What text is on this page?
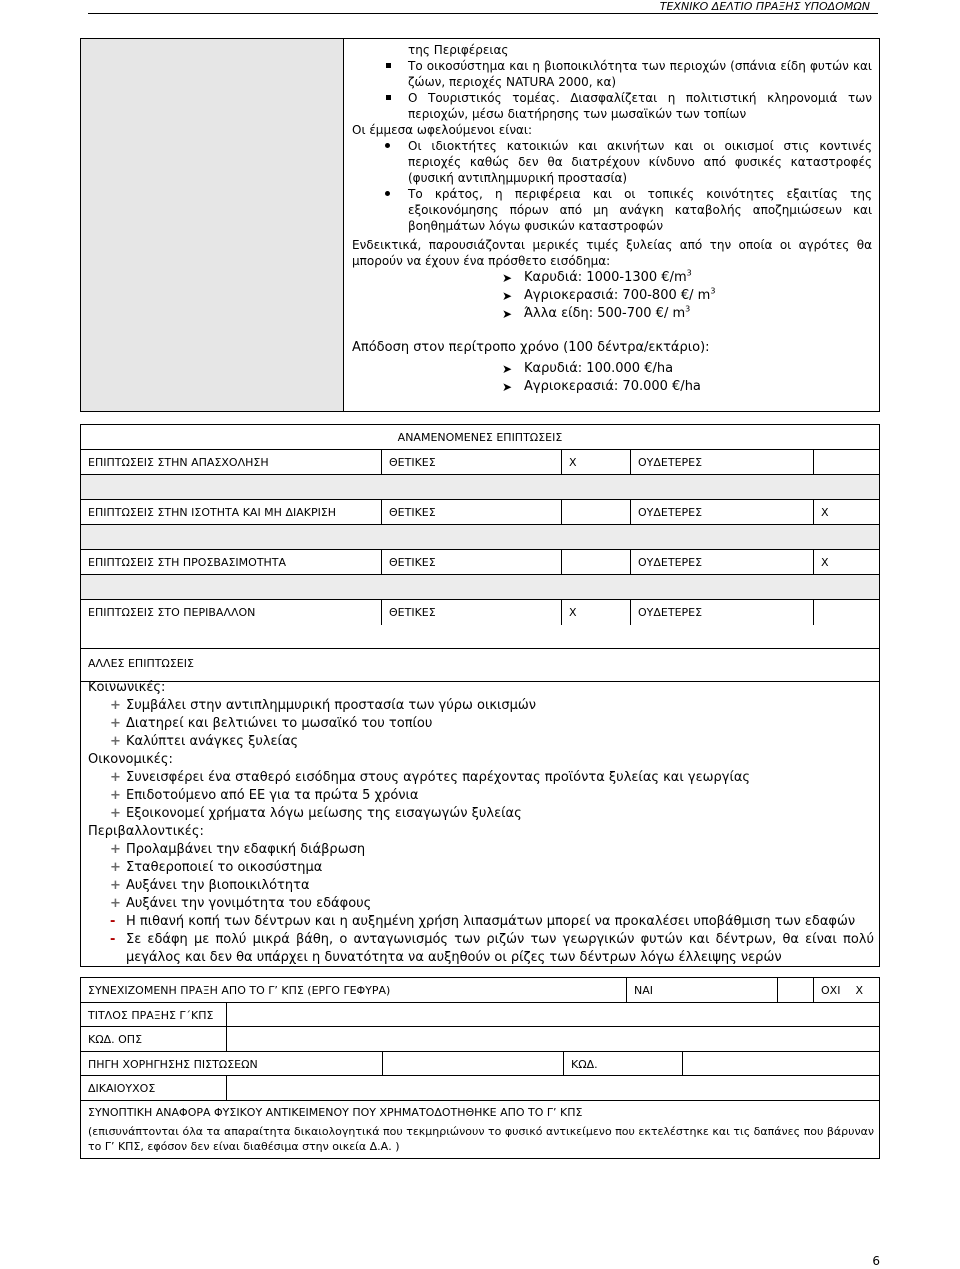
ΤΕΧΝΙΚΟ ΔΕΛΤΙΟ ΠΡΑΞΗΣ ΥΠΟΔΟΜΩΝ
της Περιφέρειας
Το οικοσύστημα και η βιοποικιλότητα των περιοχών (σπάνια είδη φυτών και ζώων, περιοχές NATURA 2000, κα)
Ο Τουριστικός τομέας. Διασφαλίζεται η πολιτιστική κληρονομιά των περιοχών, μέσω διατήρησης των μωσαϊκών των τοπίων
Οι έμμεσα ωφελούμενοι είναι:
Οι ιδιοκτήτες κατοικιών και ακινήτων και οι οικισμοί στις κοντινές περιοχές καθώς δεν θα διατρέχουν κίνδυνο από φυσικές καταστροφές (φυσική αντιπλημμυρική προστασία)
Το κράτος, η περιφέρεια και οι τοπικές κοινότητες εξαιτίας της εξοικονόμησης πόρων από μη ανάγκη καταβολής αποζημιώσεων και βοηθημάτων λόγω φυσικών καταστροφών
Ενδεικτικά, παρουσιάζονται μερικές τιμές ξυλείας από την οποία οι αγρότες θα μπορούν να έχουν ένα πρόσθετο εισόδημα:
➤ Καρυδιά: 1000-1300 $€/m^3$
➤ Αγριοκερασιά: 700-800 €/ $m^3$
➤ Άλλα είδη: 500-700 €/ $m^3$
Απόδοση στον περίτροπο χρόνο (100 δέντρα/εκτάριο):
➤ Καρυδιά: 100.000 €/ha
➤ Αγριοκερασιά: 70.000 €/ha
ΑΝΑΜΕΝΟΜΕΝΕΣ ΕΠΙΠΤΩΣΕΙΣ
ΕΠΙΠΤΩΣΕΙΣ ΣΤΗΝ ΑΠΑΣΧΟΛΗΣΗ	ΘΕΤΙΚΕΣ	X	ΟΥΔΕΤΕΡΕΣ
ΕΠΙΠΤΩΣΕΙΣ ΣΤΗΝ ΙΣΟΤΗΤΑ ΚΑΙ ΜΗ ΔΙΑΚΡΙΣΗ	ΘΕΤΙΚΕΣ	ΟΥΔΕΤΕΡΕΣ	X
ΕΠΙΠΤΩΣΕΙΣ ΣΤΗ ΠΡΟΣΒΑΣΙΜΟΤΗΤΑ	ΘΕΤΙΚΕΣ	ΟΥΔΕΤΕΡΕΣ	X
ΕΠΙΠΤΩΣΕΙΣ ΣΤΟ ΠΕΡΙΒΑΛΛΟΝ	ΘΕΤΙΚΕΣ	X	ΟΥΔΕΤΕΡΕΣ
ΑΛΛΕΣ ΕΠΙΠΤΩΣΕΙΣ
Κοινωνικές:
+ Συμβάλει στην αντιπλημμυρική προστασία των γύρω οικισμών
+ Διατηρεί και βελτιώνει το μωσαϊκό του τοπίου
+ Καλύπτει ανάγκες ξυλείας
Οικονομικές:
+ Συνεισφέρει ένα σταθερό εισόδημα στους αγρότες παρέχοντας προϊόντα ξυλείας και γεωργίας
+ Επιδοτούμενο από ΕΕ για τα πρώτα 5 χρόνια
+ Εξοικονομεί χρήματα λόγω μείωσης της εισαγωγών ξυλείας
Περιβαλλοντικές:
+ Προλαμβάνει την εδαφική διάβρωση
+ Σταθεροποιεί το οικοσύστημα
+ Αυξάνει την βιοποικιλότητα
+ Αυξάνει την γονιμότητα του εδάφους
- Η πιθανή κοπή των δέντρων και η αυξημένη χρήση λιπασμάτων μπορεί να προκαλέσει υποβάθμιση των εδαφών
- Σε εδάφη με πολύ μικρά βάθη, ο ανταγωνισμός των ριζών των γεωργικών φυτών και δέντρων, θα είναι πολύ μεγάλος και δεν θα υπάρχει η δυνατότητα να αυξηθούν οι ρίζες των δέντρων λόγω έλλειψης νερών
ΣΥΝΕΧΙΖΟΜΕΝΗ ΠΡΑΞΗ ΑΠΟ ΤΟ Γ’ ΚΠΣ (ΕΡΓΟ ΓΕΦΥΡΑ)	ΝΑΙ	ΟΧΙ X
ΤΙΤΛΟΣ ΠΡΑΞΗΣ Γ΄ΚΠΣ
ΚΩΔ. ΟΠΣ
ΠΗΓΗ ΧΟΡΗΓΗΣΗΣ ΠΙΣΤΩΣΕΩΝ	ΚΩΔ.
ΔΙΚΑΙΟΥΧΟΣ
ΣΥΝΟΠΤΙΚΗ ΑΝΑΦΟΡΑ ΦΥΣΙΚΟΥ ΑΝΤΙΚΕΙΜΕΝΟΥ ΠΟΥ ΧΡΗΜΑΤΟΔΟΤΗΘΗΚΕ ΑΠΟ ΤΟ Γ’ ΚΠΣ
(επισυνάπτονται όλα τα απαραίτητα δικαιολογητικά που τεκμηριώνουν το φυσικό αντικείμενο που εκτελέστηκε και τις δαπάνες που βάρυναν το Γ’ ΚΠΣ, εφόσον δεν είναι διαθέσιμα στην οικεία Δ.Α. )
6
